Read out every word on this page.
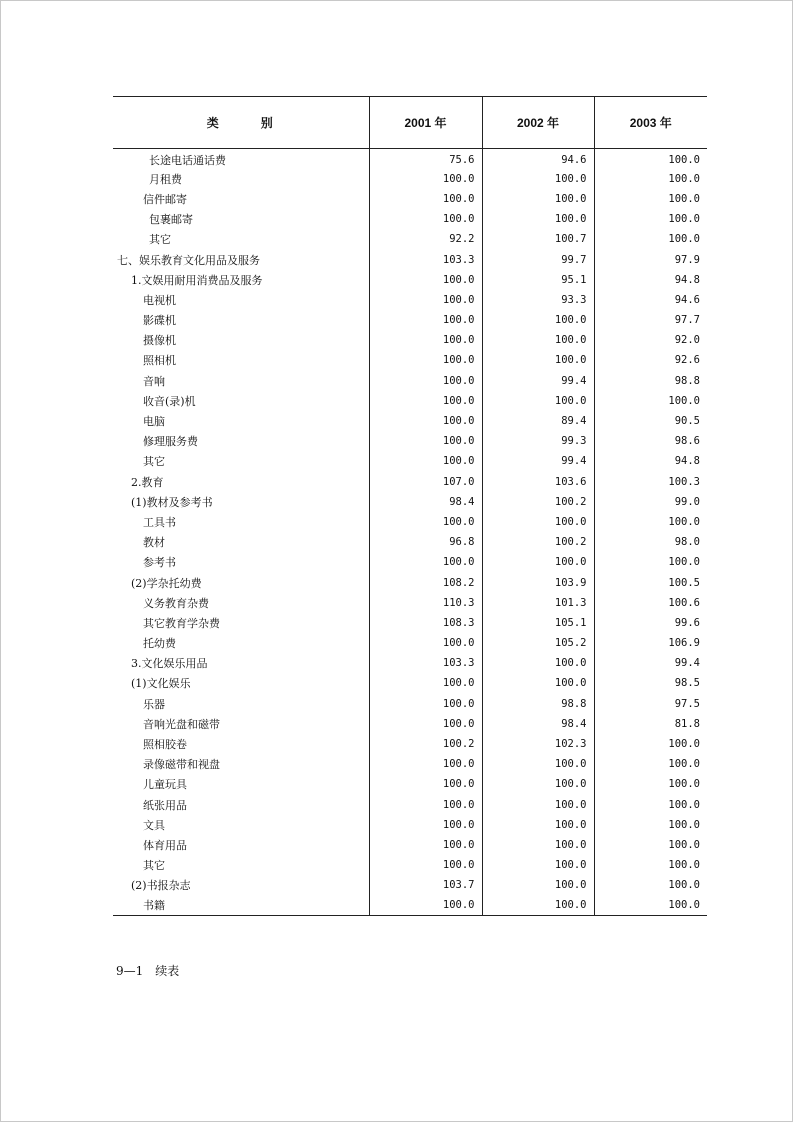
类 别	2001 年	2002 年	2003 年
长途电话通话费	75.6	94.6	100.0
月租费	100.0	100.0	100.0
信件邮寄	100.0	100.0	100.0
包裹邮寄	100.0	100.0	100.0
其它	92.2	100.7	100.0
七、娱乐教育文化用品及服务	103.3	99.7	97.9
1.文娱用耐用消费品及服务	100.0	95.1	94.8
电视机	100.0	93.3	94.6
影碟机	100.0	100.0	97.7
摄像机	100.0	100.0	92.0
照相机	100.0	100.0	92.6
音响	100.0	99.4	98.8
收音(录)机	100.0	100.0	100.0
电脑	100.0	89.4	90.5
修理服务费	100.0	99.3	98.6
其它	100.0	99.4	94.8
2.教育	107.0	103.6	100.3
(1)教材及参考书	98.4	100.2	99.0
工具书	100.0	100.0	100.0
教材	96.8	100.2	98.0
参考书	100.0	100.0	100.0
(2)学杂托幼费	108.2	103.9	100.5
义务教育杂费	110.3	101.3	100.6
其它教育学杂费	108.3	105.1	99.6
托幼费	100.0	105.2	106.9
3.文化娱乐用品	103.3	100.0	99.4
(1)文化娱乐	100.0	100.0	98.5
乐器	100.0	98.8	97.5
音响光盘和磁带	100.0	98.4	81.8
照相胶卷	100.2	102.3	100.0
录像磁带和视盘	100.0	100.0	100.0
儿童玩具	100.0	100.0	100.0
纸张用品	100.0	100.0	100.0
文具	100.0	100.0	100.0
体育用品	100.0	100.0	100.0
其它	100.0	100.0	100.0
(2)书报杂志	103.7	100.0	100.0
书籍	100.0	100.0	100.0
9—1　续表
